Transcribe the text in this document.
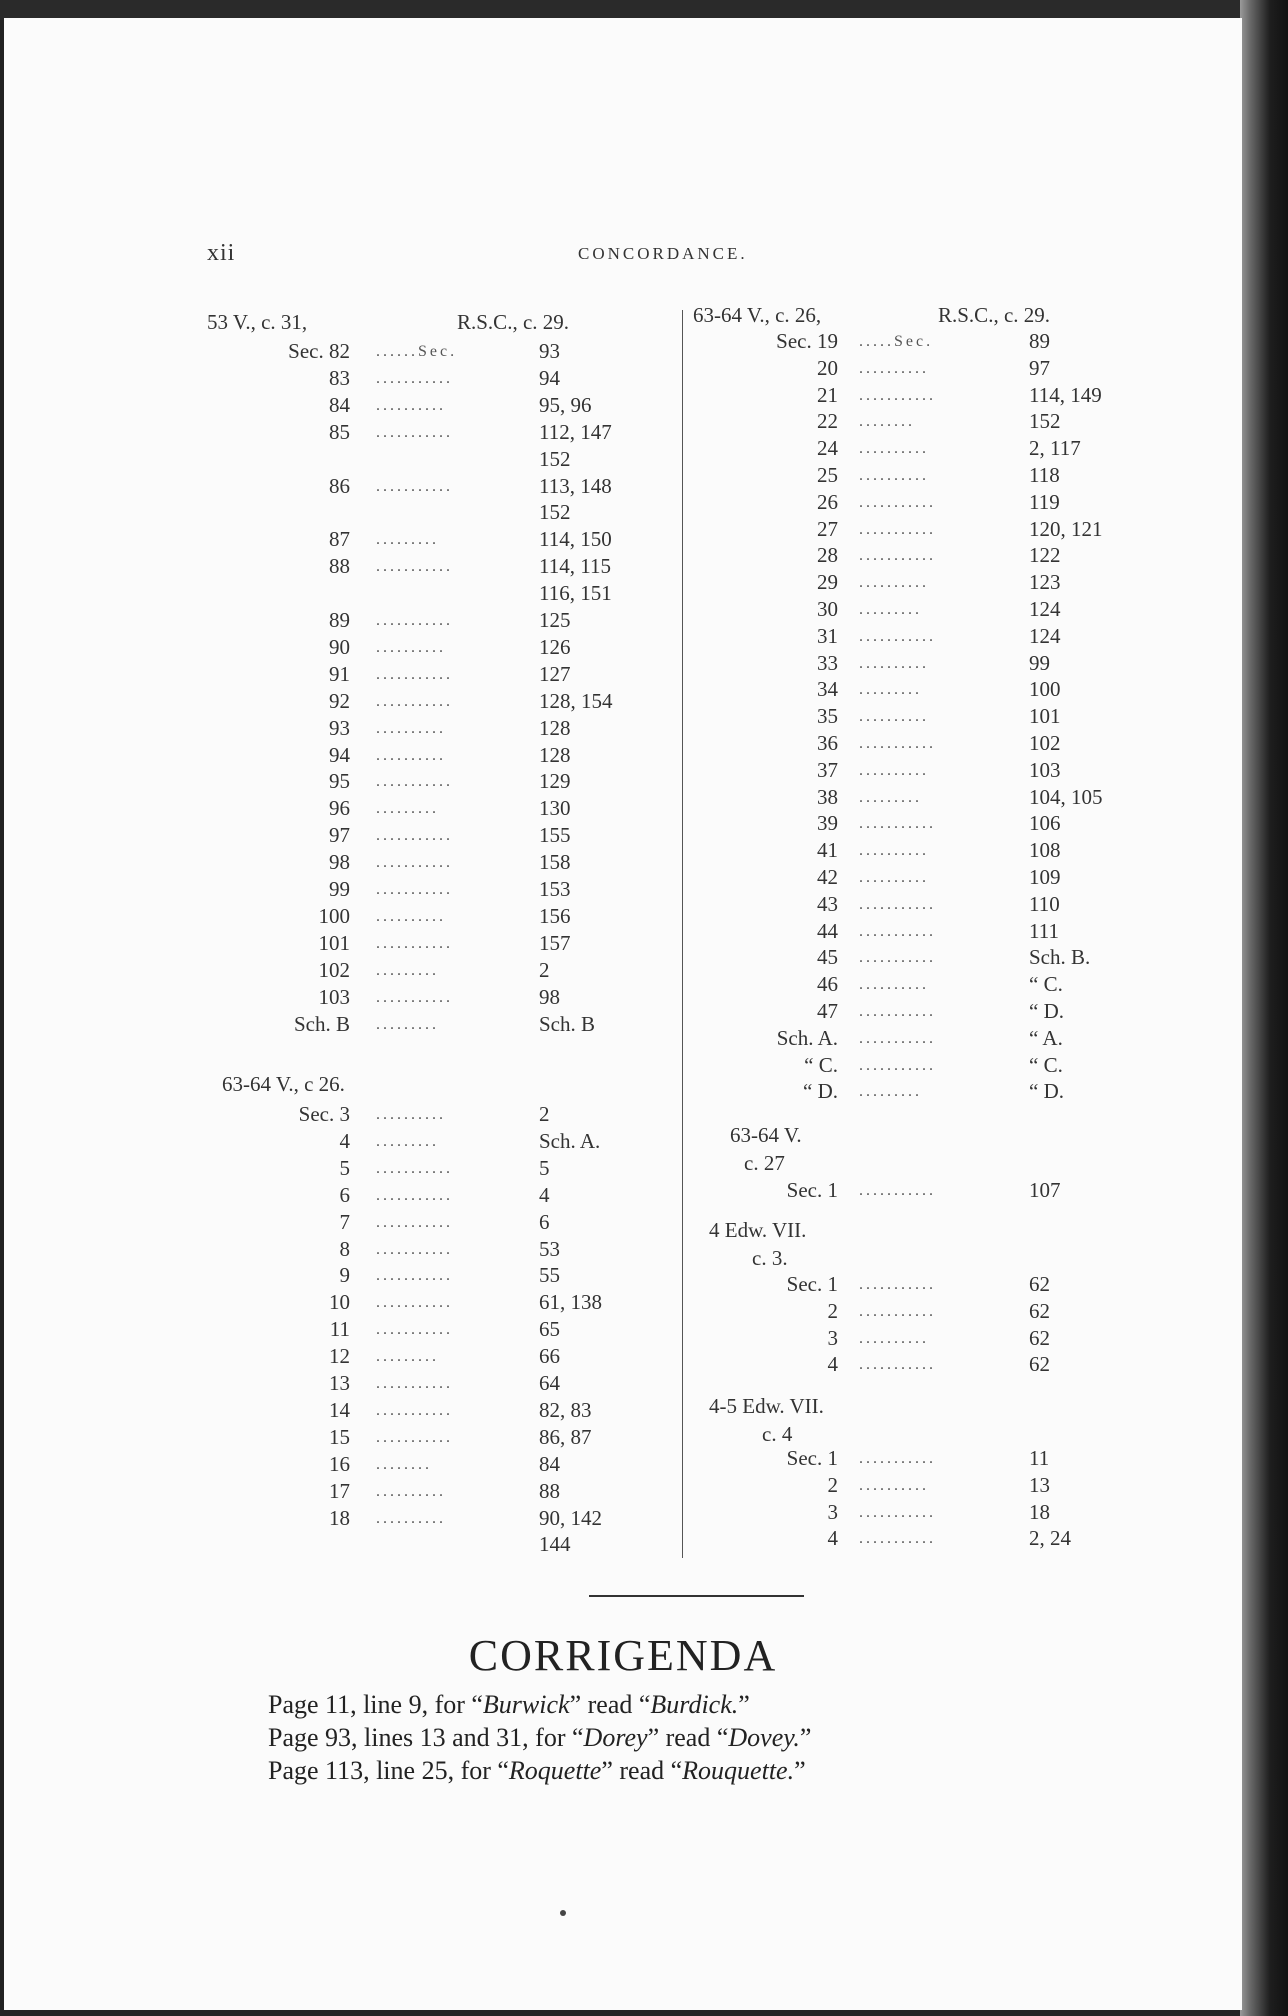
xii	CONCORDANCE.
53 V., c. 31,	R.S.C., c. 29.
Sec. 82 ......Sec.	93
83 ...........	94
84 ..........	95, 96
85 ...........	112, 147
152
86 ...........	113, 148
152
87 .........	114, 150
88 ...........	114, 115
116, 151
89 ...........	125
90 ..........	126
91 ...........	127
92 ...........	128, 154
93 ..........	128
94 ..........	128
95 ...........	129
96 .........	130
97 ...........	155
98 ...........	158
99 ...........	153
100 ..........	156
101 ...........	157
102 .........	2
103 ...........	98
Sch. B .........	Sch. B
63-64 V., c 26.
Sec. 3 ..........	2
4 .........	Sch. A.
5 ...........	5
6 ...........	4
7 ...........	6
8 ...........	53
9 ...........	55
10 ...........	61, 138
11 ...........	65
12 .........	66
13 ...........	64
14 ...........	82, 83
15 ...........	86, 87
16 ........	84
17 ..........	88
18 ..........	90, 142
144
63-64 V., c. 26,	R.S.C., c. 29.
Sec. 19 .....Sec.	89
20 ..........	97
21 ...........	114, 149
22 ........	152
24 ..........	2, 117
25 ..........	118
26 ...........	119
27 ...........	120, 121
28 ...........	122
29 ..........	123
30 .........	124
31 ...........	124
33 ..........	99
34 .........	100
35 ..........	101
36 ...........	102
37 ..........	103
38 .........	104, 105
39 ...........	106
41 ..........	108
42 ..........	109
43 ...........	110
44 ...........	111
45 ...........	Sch. B.
46 ..........	“ C.
47 ...........	“ D.
Sch. A. ...........	“ A.
“ C. ...........	“ C.
“ D. .........	“ D.
63-64 V.
c. 27
Sec. 1 ...........	107
4 Edw. VII.
c. 3.
Sec. 1 ...........	62
2 ...........	62
3 ..........	62
4 ...........	62
4-5 Edw. VII.
c. 4
Sec. 1 ...........	11
2 ..........	13
3 ...........	18
4 ...........	2, 24
CORRIGENDA
Page 11, line 9, for “Burwick” read “Burdick.”
Page 93, lines 13 and 31, for “Dorey” read “Dovey.”
Page 113, line 25, for “Roquette” read “Rouquette.”
